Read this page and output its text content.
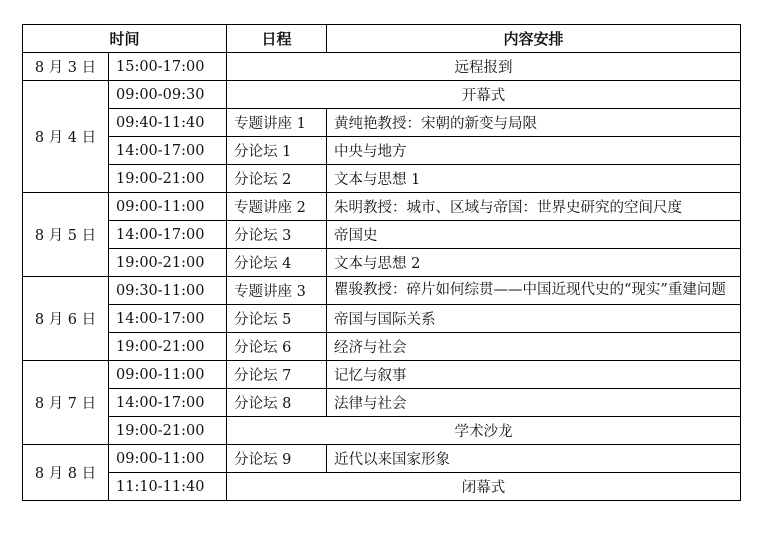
时间		日程	内容安排
8 月 3 日	15:00-17:00	远程报到	
8 月 4 日	09:00-09:30	开幕式	
	09:40-11:40	专题讲座 1	黄纯艳教授：宋朝的新变与局限
	14:00-17:00	分论坛 1	中央与地方
	19:00-21:00	分论坛 2	文本与思想 1
8 月 5 日	09:00-11:00	专题讲座 2	朱明教授：城市、区域与帝国：世界史研究的空间尺度
	14:00-17:00	分论坛 3	帝国史
	19:00-21:00	分论坛 4	文本与思想 2
8 月 6 日	09:30-11:00	专题讲座 3	瞿骏教授：碎片如何综贯——中国近现代史的“现实”重建问题
	14:00-17:00	分论坛 5	帝国与国际关系
	19:00-21:00	分论坛 6	经济与社会
8 月 7 日	09:00-11:00	分论坛 7	记忆与叙事
	14:00-17:00	分论坛 8	法律与社会
	19:00-21:00	学术沙龙	
8 月 8 日	09:00-11:00	分论坛 9	近代以来国家形象
	11:10-11:40	闭幕式	
